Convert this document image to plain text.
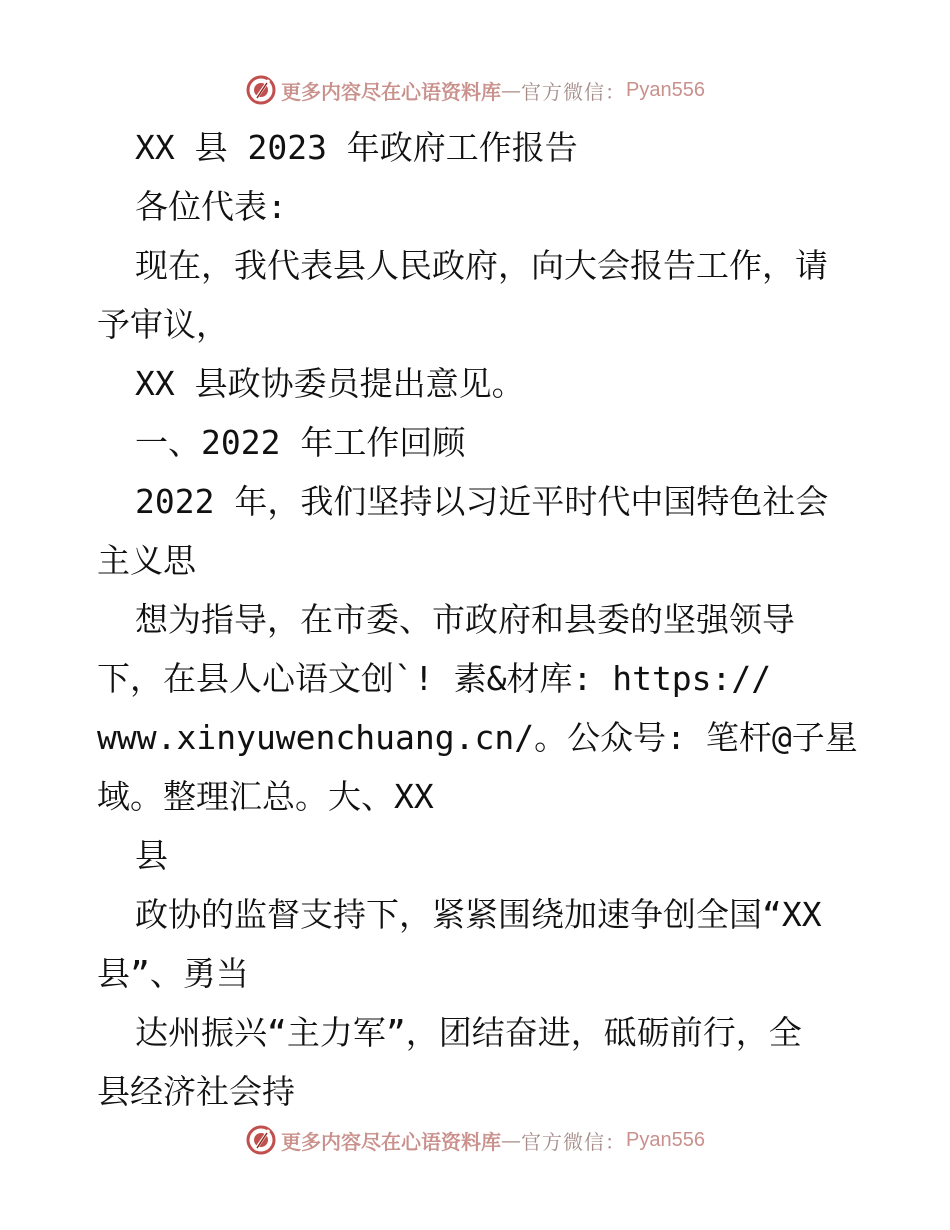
更多内容尽在心语资料库 — 官方微信： Pyan556
XX 县 2023 年政府工作报告
各位代表:
现在，我代表县人民政府，向大会报告工作，请
予审议，
XX 县政协委员提出意见。
一、2022 年工作回顾
2022 年，我们坚持以习近平时代中国特色社会
主义思
想为指导，在市委、市政府和县委的坚强领导
下，在县人心语文创`! 素&材库: https://
www.xinyuwenchuang.cn/。公众号: 笔杆@子星
域。整理汇总。大、XX
县
政协的监督支持下，紧紧围绕加速争创全国“XX
县”、勇当
达州振兴“主力军”，团结奋进，砥砺前行，全
县经济社会持
更多内容尽在心语资料库 — 官方微信： Pyan556
